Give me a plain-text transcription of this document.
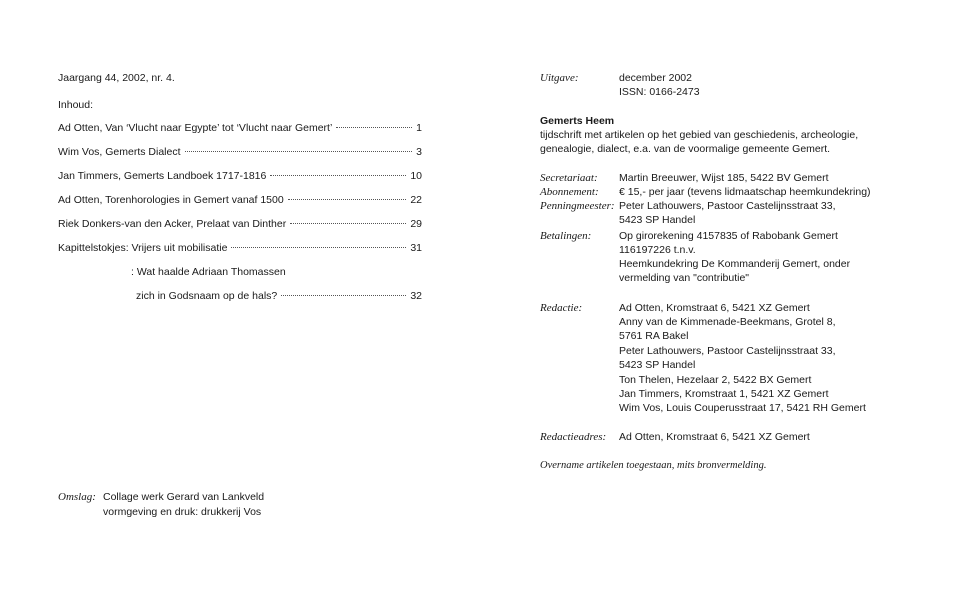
Jaargang 44, 2002, nr. 4.
Inhoud:
Ad Otten, Van ‘Vlucht naar Egypte’ tot ‘Vlucht naar Gemert’	1
Wim Vos, Gemerts Dialect	3
Jan Timmers, Gemerts Landboek 1717-1816	10
Ad Otten, Torenhorologies in Gemert vanaf 1500	22
Riek Donkers-van den Acker, Prelaat van Dinther	29
Kapittelstokjes: Vrijers uit mobilisatie	31
: Wat haalde Adriaan Thomassen
zich in Godsnaam op de hals?	32
Omslag: Collage werk Gerard van Lankveld
vormgeving en druk: drukkerij Vos
Uitgave:	december 2002
ISSN: 0166-2473
Gemerts Heem
tijdschrift met artikelen op het gebied van geschiedenis, archeologie,
genealogie, dialect, e.a. van de voormalige gemeente Gemert.
Secretariaat: Martin Breeuwer, Wijst 185, 5422 BV Gemert
Abonnement: € 15,- per jaar (tevens lidmaatschap heemkundekring)
Penningmeester: Peter Lathouwers, Pastoor Castelijnsstraat 33,
5423 SP Handel
Betalingen:	Op girorekening 4157835 of Rabobank Gemert
116197226 t.n.v.
Heemkundekring De Kommanderij Gemert, onder
vermelding van "contributie"
Redactie:	Ad Otten, Kromstraat 6, 5421 XZ Gemert
Anny van de Kimmenade-Beekmans, Grotel 8,
5761 RA Bakel
Peter Lathouwers, Pastoor Castelijnsstraat 33,
5423 SP Handel
Ton Thelen, Hezelaar 2, 5422 BX Gemert
Jan Timmers, Kromstraat 1, 5421 XZ Gemert
Wim Vos, Louis Couperusstraat 17, 5421 RH Gemert
Redactieadres: Ad Otten, Kromstraat 6, 5421 XZ Gemert
Overname artikelen toegestaan, mits bronvermelding.
